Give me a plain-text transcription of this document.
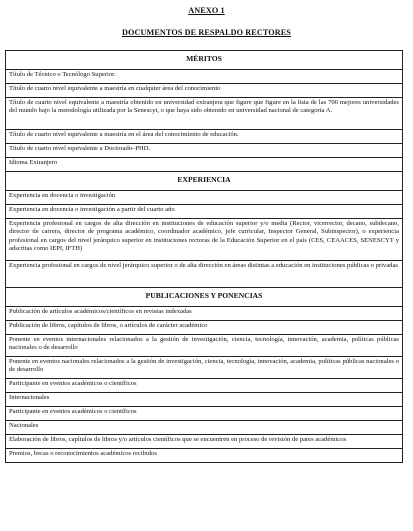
ANEXO 1
DOCUMENTOS DE RESPALDO RECTORES
MÉRITOS
Título de Técnico o Tecnólogo Superior.
Título de cuarto nivel equivalente a maestría en cualquier área del conocimiento
Título de cuarto nivel equivalente a maestría obtenido en universidad extranjera que figure que figure en la lista de las 700 mejores universidades del mundo bajo la metodología utilizada por la Senescyt, o que haya sido obtenido en universidad nacional de categoría A.
Título de cuarto nivel equivalente a maestría en el área del conocimiento de educación.
Título de cuarto nivel equivalente a Doctorado–PHD.
Idioma Extranjero
EXPERIENCIA
Experiencia en docencia o investigación
Experiencia en docencia o investigación a partir del cuarto año
Experiencia profesional en cargos de alta dirección en instituciones de educación superior y/o media (Rector, vicerrector, decano, subdecano, director de carrera, director de programa académico, coordinador académico, jefe curricular, Inspector General, Subinspector), o experiencia profesional en cargos del nivel jerárquico superior en instituciones rectoras de la Educación Superior en el país (CES, CEAACES, SENESCYT y adscritas como IEPI, IFTH)
Experiencia profesional en cargos de nivel jerárquico superior o de alta dirección en áreas distintas a educación en instituciones públicas o privadas
PUBLICACIONES Y PONENCIAS
Publicación de artículos académicos/científicos en revistas indexadas
Publicación de libros, capítulos de libros, o artículos de carácter académico
Ponente en eventos internacionales relacionados a la gestión de investigación, ciencia, tecnología, innovación, academia, políticas públicas nacionales o de desarrollo
Ponente en eventos nacionales relacionados a la gestión de investigación, ciencia, tecnología, innovación, academia, políticas públicas nacionales o de desarrollo
Participante en eventos académicos o científicos
Internacionales
Participante en eventos académicos o científicos
Nacionales
Elaboración de libros, capítulos de libros y/o artículos científicos que se encuentren en proceso de revisión de pares académicos
Premios, becas o reconocimientos académicos recibidos
